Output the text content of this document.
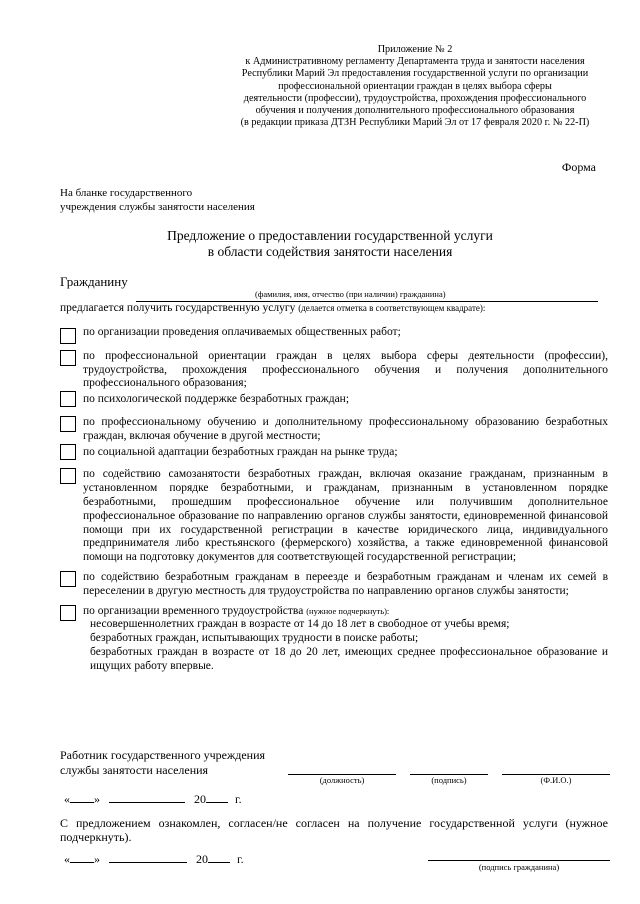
Приложение № 2
к Административному регламенту Департамента труда и занятости населения
Республики Марий Эл предоставления государственной услуги по организации
профессиональной ориентации граждан в целях выбора сферы
деятельности (профессии), трудоустройства, прохождения профессионального
обучения и получения дополнительного профессионального образования
(в редакции приказа ДТЗН Республики Марий Эл от 17 февраля 2020 г. № 22-П)
Форма
На бланке государственного
учреждения службы занятости населения
Предложение о предоставлении государственной услуги
в области содействия занятости населения
Гражданину
(фамилия, имя, отчество (при наличии) гражданина)
предлагается получить государственную услугу (делается отметка в соответствующем квадрате):
по организации проведения оплачиваемых общественных работ;
по профессиональной ориентации граждан в целях выбора сферы деятельности (профессии), трудоустройства, прохождения профессионального обучения и получения дополнительного профессионального образования;
по психологической поддержке безработных граждан;
по профессиональному обучению и дополнительному профессиональному образованию безработных граждан, включая обучение в другой местности;
по социальной адаптации безработных граждан на рынке труда;
по содействию самозанятости безработных граждан, включая оказание гражданам, признанным в установленном порядке безработными, и гражданам, признанным в установленном порядке безработными, прошедшим профессиональное обучение или получившим дополнительное профессиональное образование по направлению органов службы занятости, единовременной финансовой помощи при их государственной регистрации в качестве юридического лица, индивидуального предпринимателя либо крестьянского (фермерского) хозяйства, а также единовременной финансовой помощи на подготовку документов для соответствующей государственной регистрации;
по содействию безработным гражданам в переезде и безработным гражданам и членам их семей в переселении в другую местность для трудоустройства по направлению органов службы занятости;
по организации временного трудоустройства (нужное подчеркнуть):
несовершеннолетних граждан в возрасте от 14 до 18 лет в свободное от учебы время;
безработных граждан, испытывающих трудности в поиске работы;
безработных граждан в возрасте от 18 до 20 лет, имеющих среднее профессиональное образование и ищущих работу впервые.
Работник государственного учреждения
службы занятости населения
(должность)	(подпись)	(Ф.И.О.)
« »	20 г.
С предложением ознакомлен, согласен/не согласен на получение государственной услуги (нужное подчеркнуть).
« »	20 г.
(подпись гражданина)
